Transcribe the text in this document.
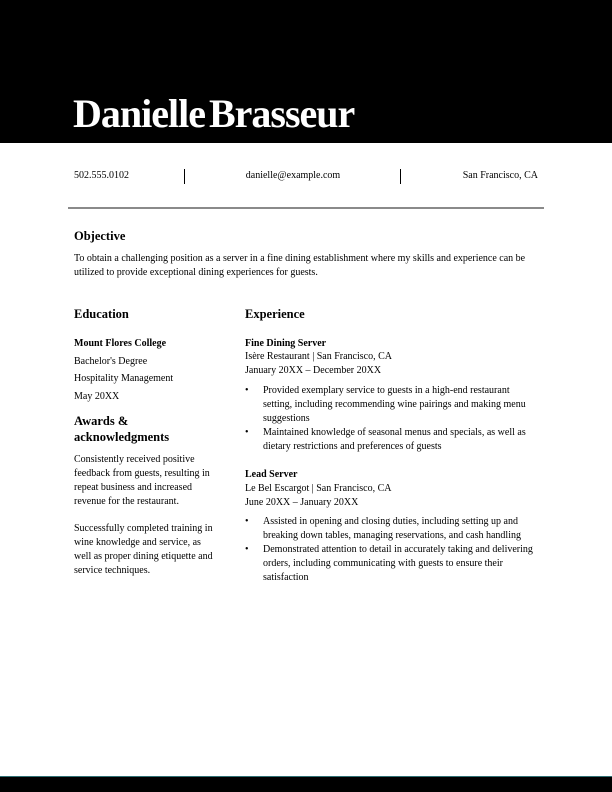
Danielle Brasseur
502.555.0102	danielle@example.com	San Francisco, CA
Objective
To obtain a challenging position as a server in a fine dining establishment where my skills and experience can be utilized to provide exceptional dining experiences for guests.
Education
Mount Flores College
Bachelor's Degree
Hospitality Management
May 20XX
Awards & acknowledgments
Consistently received positive feedback from guests, resulting in repeat business and increased revenue for the restaurant.
Successfully completed training in wine knowledge and service, as well as proper dining etiquette and service techniques.
Experience
Fine Dining Server
Isère Restaurant | San Francisco, CA
January 20XX – December 20XX
• Provided exemplary service to guests in a high-end restaurant setting, including recommending wine pairings and making menu suggestions
• Maintained knowledge of seasonal menus and specials, as well as dietary restrictions and preferences of guests
Lead Server
Le Bel Escargot | San Francisco, CA
June 20XX – January 20XX
• Assisted in opening and closing duties, including setting up and breaking down tables, managing reservations, and cash handling
• Demonstrated attention to detail in accurately taking and delivering orders, including communicating with guests to ensure their satisfaction
